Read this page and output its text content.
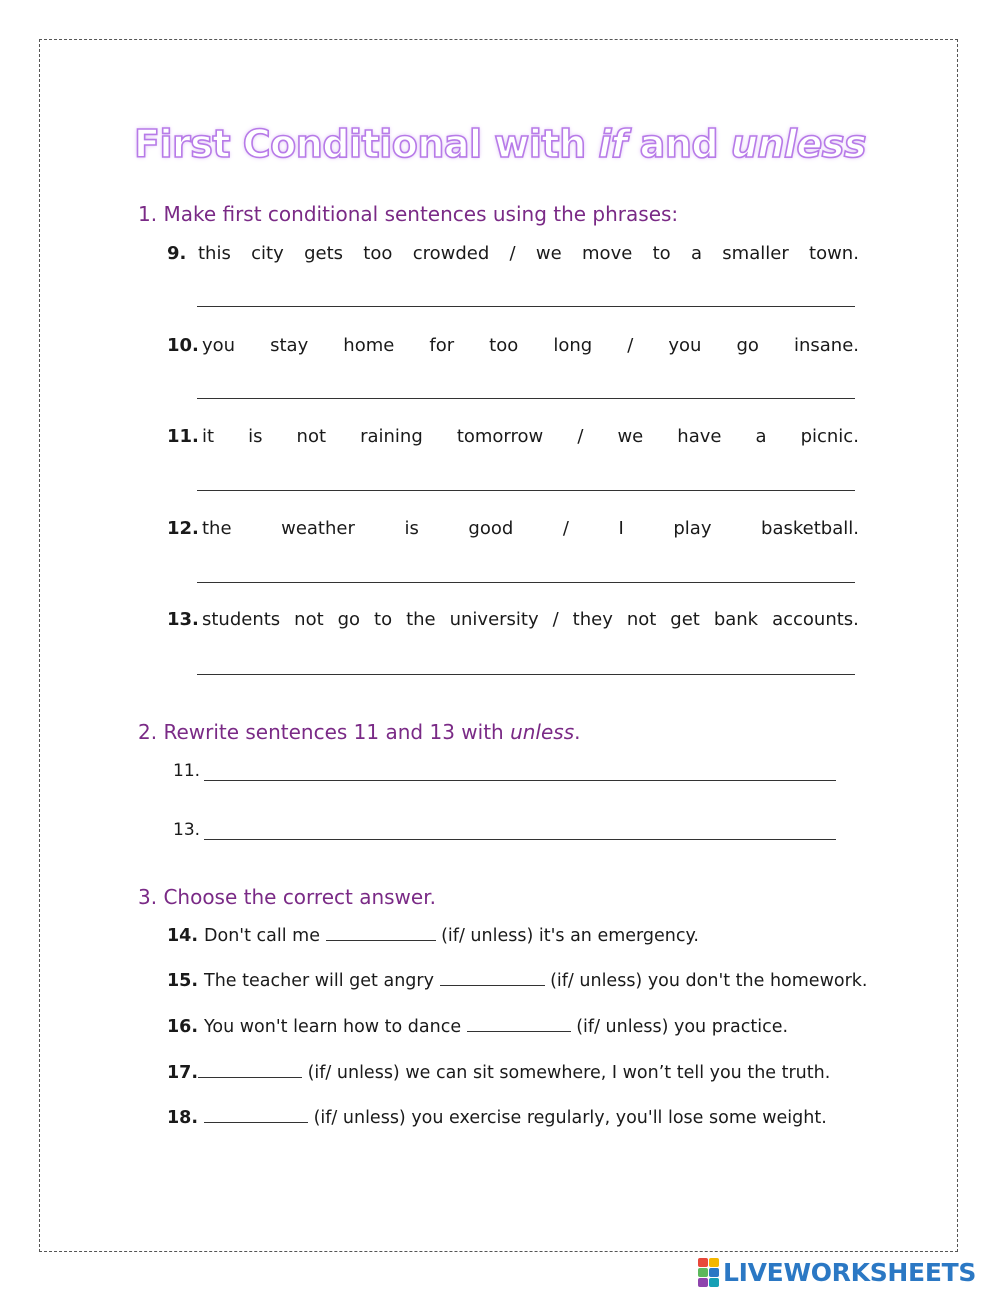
First Conditional with if and unless
1. Make first conditional sentences using the phrases:
9. this city gets too crowded / we move to a smaller town.
10. you stay home for too long / you go insane.
11. it is not raining tomorrow / we have a picnic.
12. the	weather	is	good	/	I	play	basketball.
13. students not go to the university / they not get bank accounts.
2. Rewrite sentences 11 and 13 with unless.
11.
13.
3. Choose the correct answer.
14. Don't call me	(if/ unless) it's an emergency.
15. The teacher will get angry	(if/ unless) you don't the homework.
16. You won't learn how to dance	(if/ unless) you practice.
17.	(if/ unless) we can sit somewhere, I won’t tell you the truth.
18.	(if/ unless) you exercise regularly, you'll lose some weight.
LIVEWORKSHEETS
